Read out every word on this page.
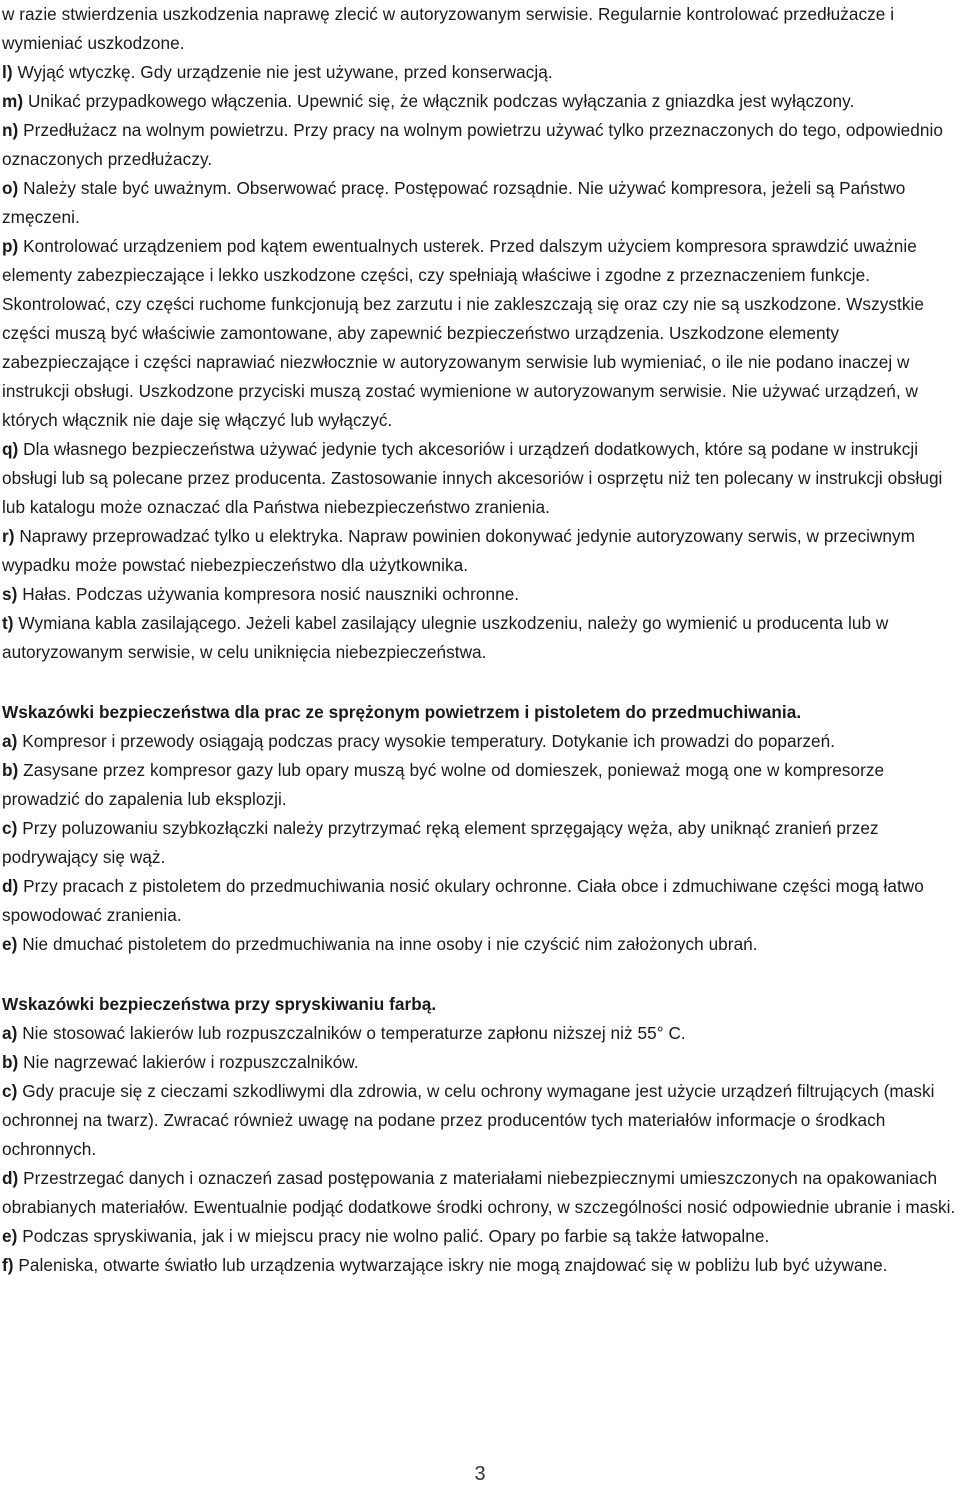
w razie stwierdzenia uszkodzenia naprawę zlecić w autoryzowanym serwisie. Regularnie kontrolować przedłużacze i wymieniać uszkodzone.

l) Wyjąć wtyczkę. Gdy urządzenie nie jest używane, przed konserwacją.

m) Unikać przypadkowego włączenia. Upewnić się, że włącznik podczas wyłączania z gniazdka jest wyłączony.

n) Przedłużacz na wolnym powietrzu. Przy pracy na wolnym powietrzu używać tylko przeznaczonych do tego, odpowiednio oznaczonych przedłużaczy.

o) Należy stale być uważnym. Obserwować pracę. Postępować rozsądnie. Nie używać kompresora, jeżeli są Państwo zmęczeni.

p) Kontrolować urządzeniem pod kątem ewentualnych usterek. Przed dalszym użyciem kompresora sprawdzić uważnie elementy zabezpieczające i lekko uszkodzone części, czy spełniają właściwe i zgodne z przeznaczeniem funkcje. Skontrolować, czy części ruchome funkcjonują bez zarzutu i nie zakleszczają się oraz czy nie są uszkodzone. Wszystkie części muszą być właściwie zamontowane, aby zapewnić bezpieczeństwo urządzenia. Uszkodzone elementy zabezpieczające i części naprawiać niezwłocznie w autoryzowanym serwisie lub wymieniać, o ile nie podano inaczej w instrukcji obsługi. Uszkodzone przyciski muszą zostać wymienione w autoryzowanym serwisie. Nie używać urządzeń, w których włącznik nie daje się włączyć lub wyłączyć.

q) Dla własnego bezpieczeństwa używać jedynie tych akcesoriów i urządzeń dodatkowych, które są podane w instrukcji obsługi lub są polecane przez producenta. Zastosowanie innych akcesoriów i osprzętu niż ten polecany w instrukcji obsługi lub katalogu może oznaczać dla Państwa niebezpieczeństwo zranienia.

r) Naprawy przeprowadzać tylko u elektryka. Napraw powinien dokonywać jedynie autoryzowany serwis, w przeciwnym wypadku może powstać niebezpieczeństwo dla użytkownika.

s) Hałas. Podczas używania kompresora nosić nauszniki ochronne.

t) Wymiana kabla zasilającego. Jeżeli kabel zasilający ulegnie uszkodzeniu, należy go wymienić u producenta lub w autoryzowanym serwisie, w celu uniknięcia niebezpieczeństwa.

Wskazówki bezpieczeństwa dla prac ze sprężonym powietrzem i pistoletem do przedmuchiwania.

a) Kompresor i przewody osiągają podczas pracy wysokie temperatury. Dotykanie ich prowadzi do poparzeń.

b) Zasysane przez kompresor gazy lub opary muszą być wolne od domieszek, ponieważ mogą one w kompresorze prowadzić do zapalenia lub eksplozji.

c) Przy poluzowaniu szybkozłączki należy przytrzymać ręką element sprzęgający węża, aby uniknąć zranień przez podrywający się wąż.

d) Przy pracach z pistoletem do przedmuchiwania nosić okulary ochronne. Ciała obce i zdmuchiwane części mogą łatwo spowodować zranienia.

e) Nie dmuchać pistoletem do przedmuchiwania na inne osoby i nie czyścić nim założonych ubrań.

Wskazówki bezpieczeństwa przy spryskiwaniu farbą.

a) Nie stosować lakierów lub rozpuszczalników o temperaturze zapłonu niższej niż 55° C.

b) Nie nagrzewać lakierów i rozpuszczalników.

c) Gdy pracuje się z cieczami szkodliwymi dla zdrowia, w celu ochrony wymagane jest użycie urządzeń filtrujących (maski ochronnej na twarz). Zwracać również uwagę na podane przez producentów tych materiałów informacje o środkach ochronnych.

d) Przestrzegać danych i oznaczeń zasad postępowania z materiałami niebezpiecznymi umieszczonych na opakowaniach obrabianych materiałów. Ewentualnie podjąć dodatkowe środki ochrony, w szczególności nosić odpowiednie ubranie i maski.

e) Podczas spryskiwania, jak i w miejscu pracy nie wolno palić. Opary po farbie są także łatwopalne.

f) Paleniska, otwarte światło lub urządzenia wytwarzające iskry nie mogą znajdować się w pobliżu lub być używane.

3
